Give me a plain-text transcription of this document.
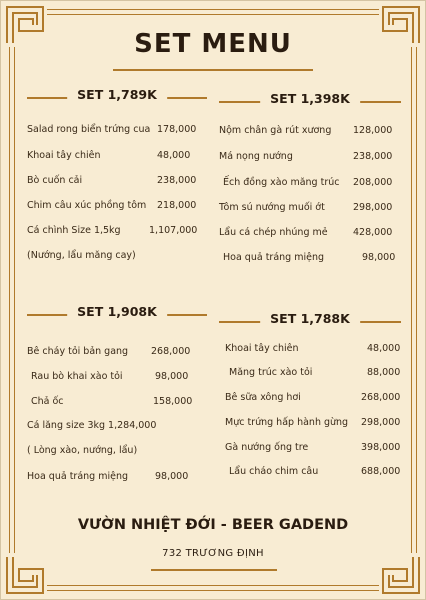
SET MENU
SET 1,789K
Salad rong biển trứng cua 178,000
Khoai tây chiên	48,000
Bò cuốn cải	238,000
Chim câu xúc phồng tôm 218,000
Cá chình Size 1,5kg	1,107,000
(Nướng, lẩu măng cay)
SET 1,398K
Nộm chân gà rút xương 128,000
Má nọng nướng	238,000
Ếch đồng xào măng trúc 208,000
Tôm sú nướng muối ớt	298,000
Lẩu cá chép nhúng mẻ	428,000
Hoa quả tráng miệng	98,000
SET 1,908K
Bê cháy tỏi bản gang 268,000
Rau bò khai xào tỏi	98,000
Chả ốc	158,000
Cá lăng size 3kg 1,284,000
( Lòng xào, nướng, lẩu)
Hoa quả tráng miệng	98,000
SET 1,788K
Khoai tây chiên	48,000
Măng trúc xào tỏi	88,000
Bê sữa xông hơi	268,000
Mực trứng hấp hành gừng 298,000
Gà nướng ống tre	398,000
Lẩu cháo chim câu	688,000
VƯỜN NHIỆT ĐỚI - BEER GADEND
732 TRƯƠNG ĐỊNH
